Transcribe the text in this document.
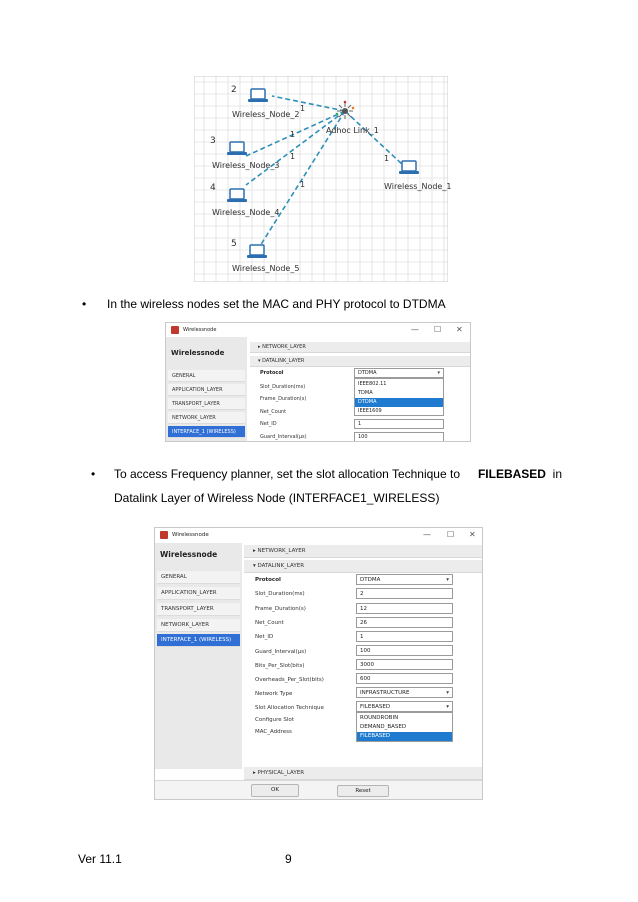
2
3
4
5
Wireless_Node_2
Wireless_Node_3
Wireless_Node_4
Wireless_Node_5
Wireless_Node_1
Adhoc Link_1
1
1
1
1
1
• In the wireless nodes set the MAC and PHY protocol to DTDMA
Wirelessnode	— ☐ ✕
Wirelessnode
GENERAL
APPLICATION_LAYER
TRANSPORT_LAYER
NETWORK_LAYER
INTERFACE_1 (WIRELESS)
▸ NETWORK_LAYER
▾ DATALINK_LAYER
Protocol	DTDMA	▾
IEEE802.11
TDMA
DTDMA
IEEE1609
Slot_Duration(ms)
Frame_Duration(s)
Net_Count
Net_ID	1
Guard_Interval(µs)	100
• To access Frequency planner, set the slot allocation Technique to FILEBASED in
Datalink Layer of Wireless Node (INTERFACE1_WIRELESS)
Wirelessnode	— ☐ ✕
Wirelessnode
GENERAL
APPLICATION_LAYER
TRANSPORT_LAYER
NETWORK_LAYER
INTERFACE_1 (WIRELESS)
▸ NETWORK_LAYER
▾ DATALINK_LAYER
Protocol	DTDMA	▾
Slot_Duration(ms)	2
Frame_Duration(s)	12
Net_Count	26
Net_ID	1
Guard_Interval(µs)	100
Bits_Per_Slot(bits)	3000
Overheads_Per_Slot(bits)	600
Network Type	INFRASTRUCTURE	▾
Slot Allocation Technique	FILEBASED	▾
ROUNDROBIN
DEMAND_BASED
FILEBASED
Configure Slot
MAC_Address
▸ PHYSICAL_LAYER
OK	Reset
Ver 11.1	9
